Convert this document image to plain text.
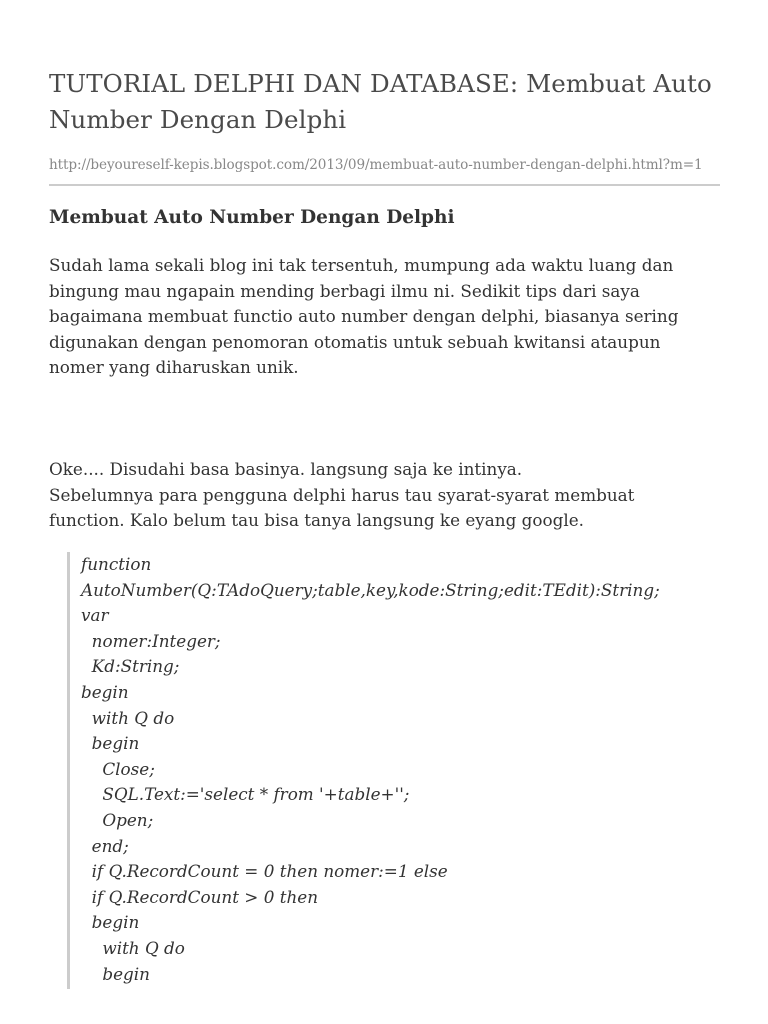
TUTORIAL DELPHI DAN DATABASE: Membuat Auto Number Dengan Delphi
http://beyoureself-kepis.blogspot.com/2013/09/membuat-auto-number-dengan-delphi.html?m=1
Membuat Auto Number Dengan Delphi

Sudah lama sekali blog ini tak tersentuh, mumpung ada waktu luang dan
bingung mau ngapain mending berbagi ilmu ni. Sedikit tips dari saya
bagaimana membuat functio auto number dengan delphi, biasanya sering
digunakan dengan penomoran otomatis untuk sebuah kwitansi ataupun
nomer yang diharuskan unik.

Oke.... Disudahi basa basinya. langsung saja ke intinya.
Sebelumnya para pengguna delphi harus tau syarat-syarat membuat
function. Kalo belum tau bisa tanya langsung ke eyang google.

function
AutoNumber(Q:TAdoQuery;table,key,kode:String;edit:TEdit):String;
var
nomer:Integer;
Kd:String;
begin
with Q do
begin
Close;
SQL.Text:='select * from '+table+'';
Open;
end;
if Q.RecordCount = 0 then nomer:=1 else
if Q.RecordCount > 0 then
begin
with Q do
begin
